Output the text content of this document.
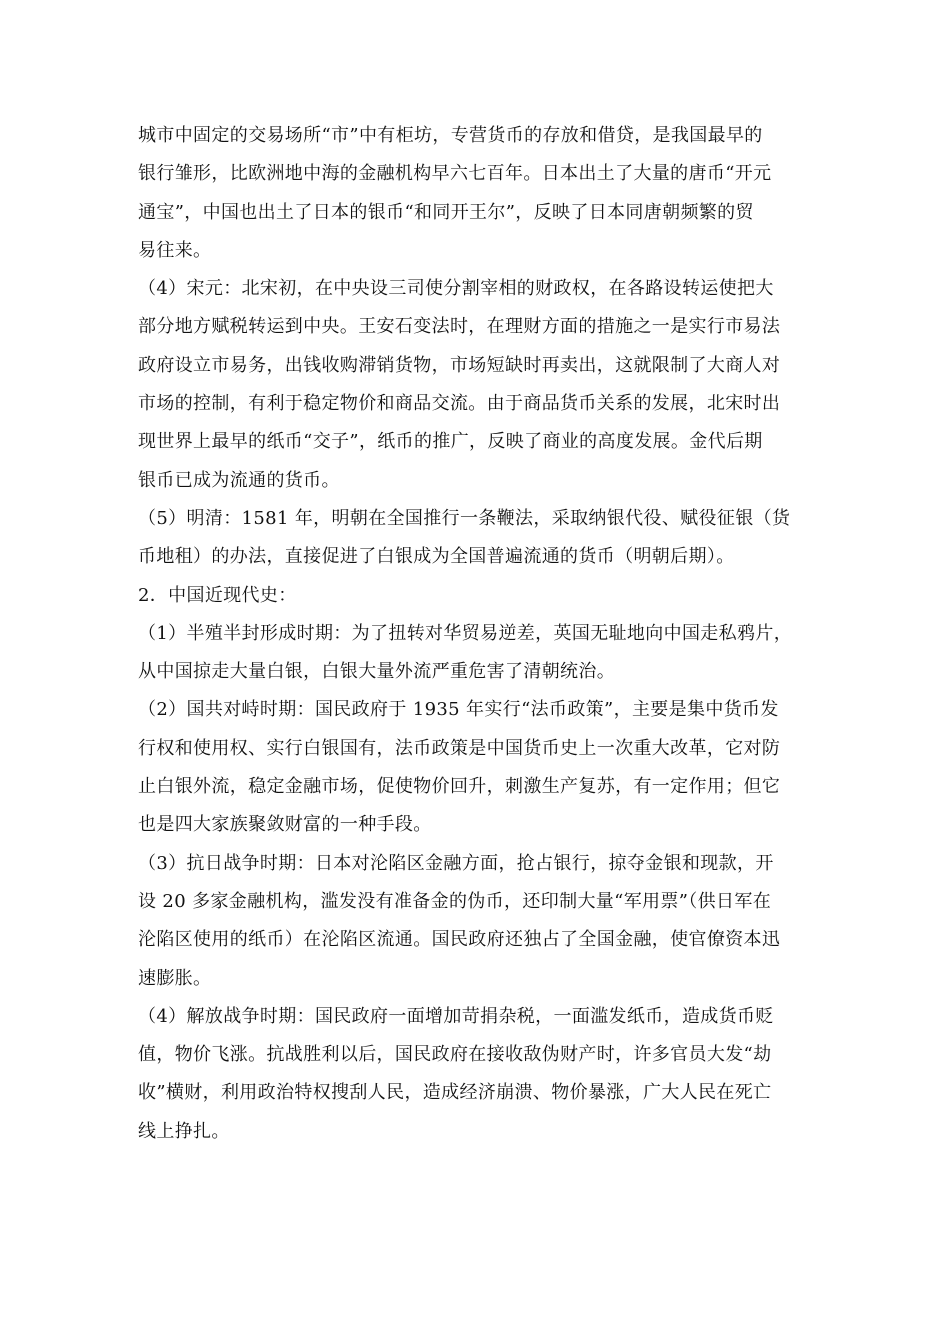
城市中固定的交易场所“市”中有柜坊，专营货币的存放和借贷，是我国最早的
银行雏形，比欧洲地中海的金融机构早六七百年。日本出土了大量的唐币“开元
通宝”，中国也出土了日本的银币“和同开王尔”，反映了日本同唐朝频繁的贸
易往来。

（4）宋元：北宋初，在中央设三司使分割宰相的财政权，在各路设转运使把大
部分地方赋税转运到中央。王安石变法时，在理财方面的措施之一是实行市易法
政府设立市易务，出钱收购滞销货物，市场短缺时再卖出，这就限制了大商人对
市场的控制，有利于稳定物价和商品交流。由于商品货币关系的发展，北宋时出
现世界上最早的纸币“交子”，纸币的推广，反映了商业的高度发展。金代后期
银币已成为流通的货币。

（5）明清：1581 年，明朝在全国推行一条鞭法，采取纳银代役、赋役征银（货
币地租）的办法，直接促进了白银成为全国普遍流通的货币（明朝后期）。

2．中国近现代史：

（1）半殖半封形成时期：为了扭转对华贸易逆差，英国无耻地向中国走私鸦片，
从中国掠走大量白银，白银大量外流严重危害了清朝统治。

（2）国共对峙时期：国民政府于 1935 年实行“法币政策”，主要是集中货币发
行权和使用权、实行白银国有，法币政策是中国货币史上一次重大改革，它对防
止白银外流，稳定金融市场，促使物价回升，刺激生产复苏，有一定作用；但它
也是四大家族聚敛财富的一种手段。

（3）抗日战争时期：日本对沦陷区金融方面，抢占银行，掠夺金银和现款，开
设 20 多家金融机构，滥发没有准备金的伪币，还印制大量“军用票”（供日军在
沦陷区使用的纸币）在沦陷区流通。国民政府还独占了全国金融，使官僚资本迅
速膨胀。

（4）解放战争时期：国民政府一面增加苛捐杂税，一面滥发纸币，造成货币贬
值，物价飞涨。抗战胜利以后，国民政府在接收敌伪财产时，许多官员大发“劫
收”横财，利用政治特权搜刮人民，造成经济崩溃、物价暴涨，广大人民在死亡
线上挣扎。
